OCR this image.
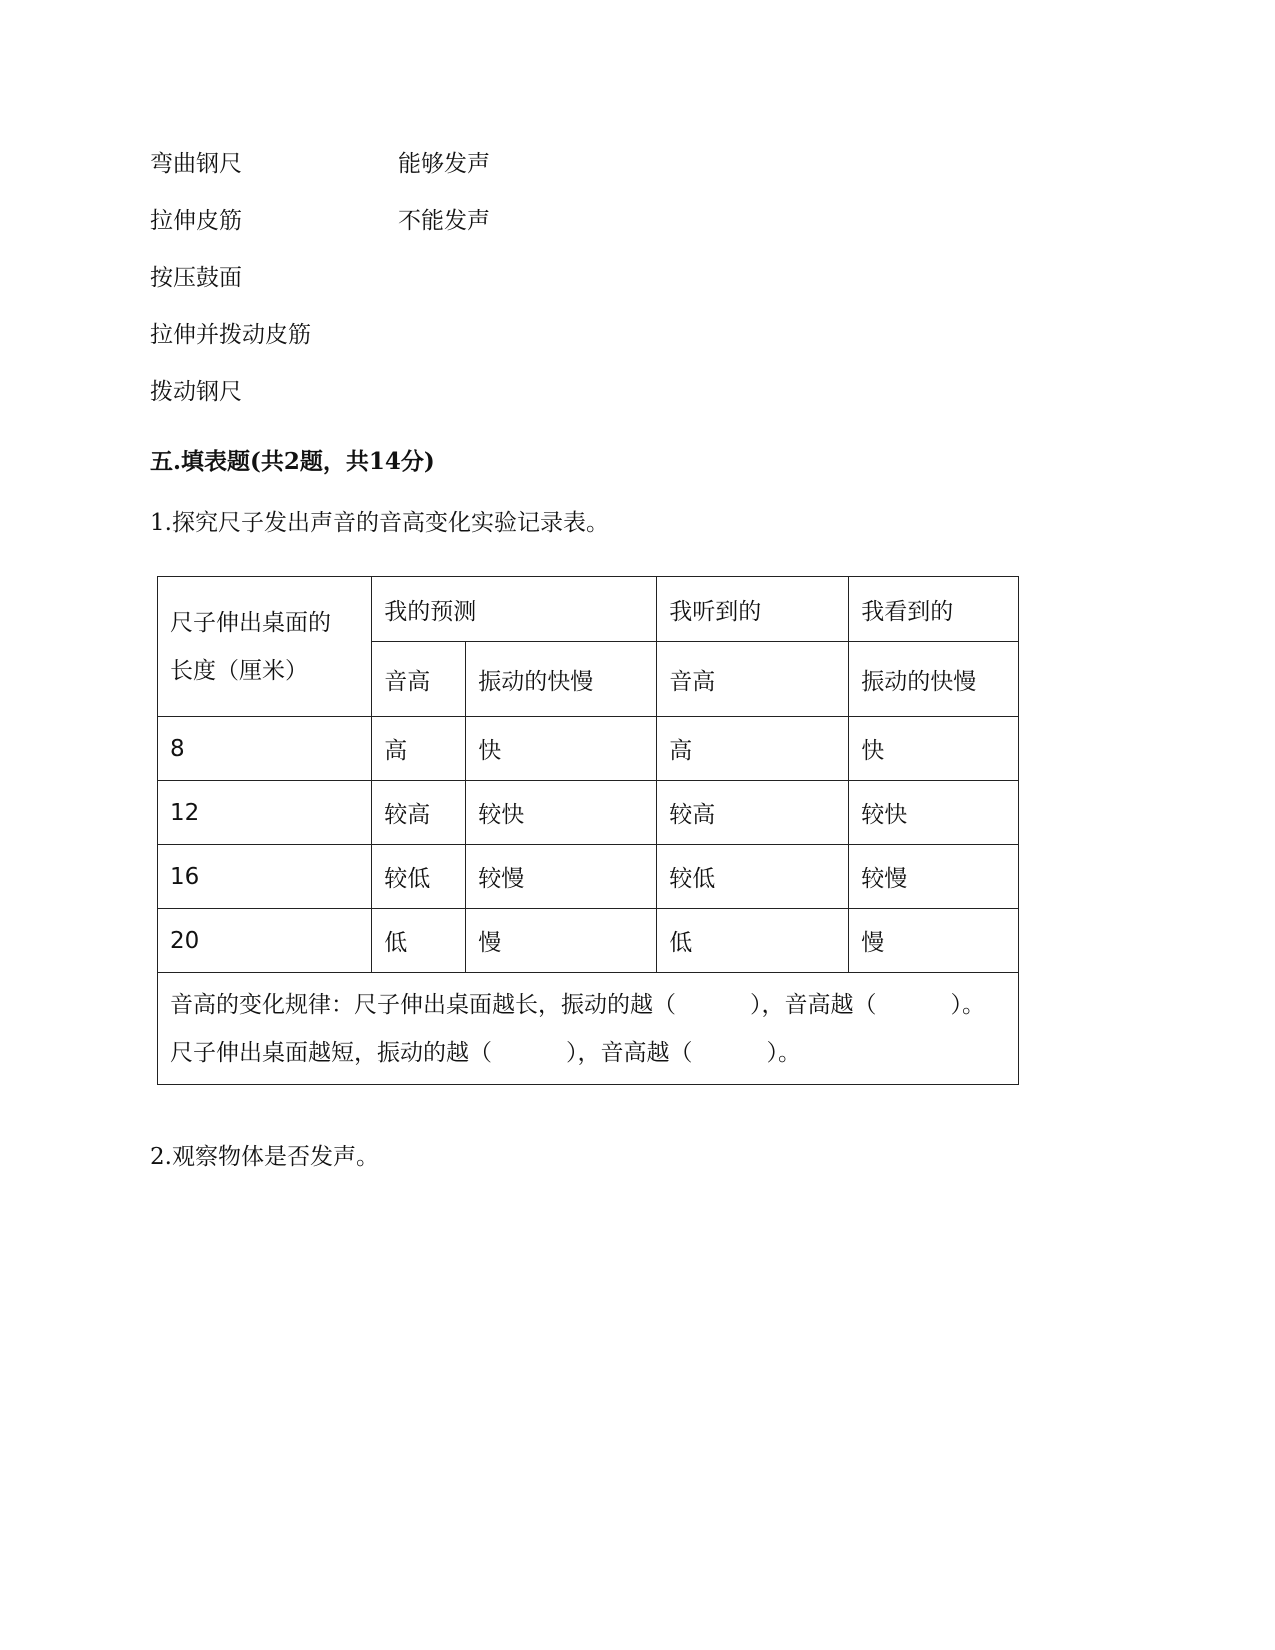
弯曲钢尺	能够发声
拉伸皮筋	不能发声
按压鼓面
拉伸并拨动皮筋
拨动钢尺
五.填表题(共2题，共14分)
1.探究尺子发出声音的音高变化实验记录表。
尺子伸出桌面的
长度（厘米）	我的预测		我听到的	我看到的
	音高	振动的快慢	音高	振动的快慢
8	高	快	高	快
12	较高	较快	较高	较快
16	较低	较慢	较低	较慢
20	低	慢	低	慢

音高的变化规律：尺子伸出桌面越长，振动的越（ ），音高越（ ）。
尺子伸出桌面越短，振动的越（ ），音高越（ ）。				
2.观察物体是否发声。
